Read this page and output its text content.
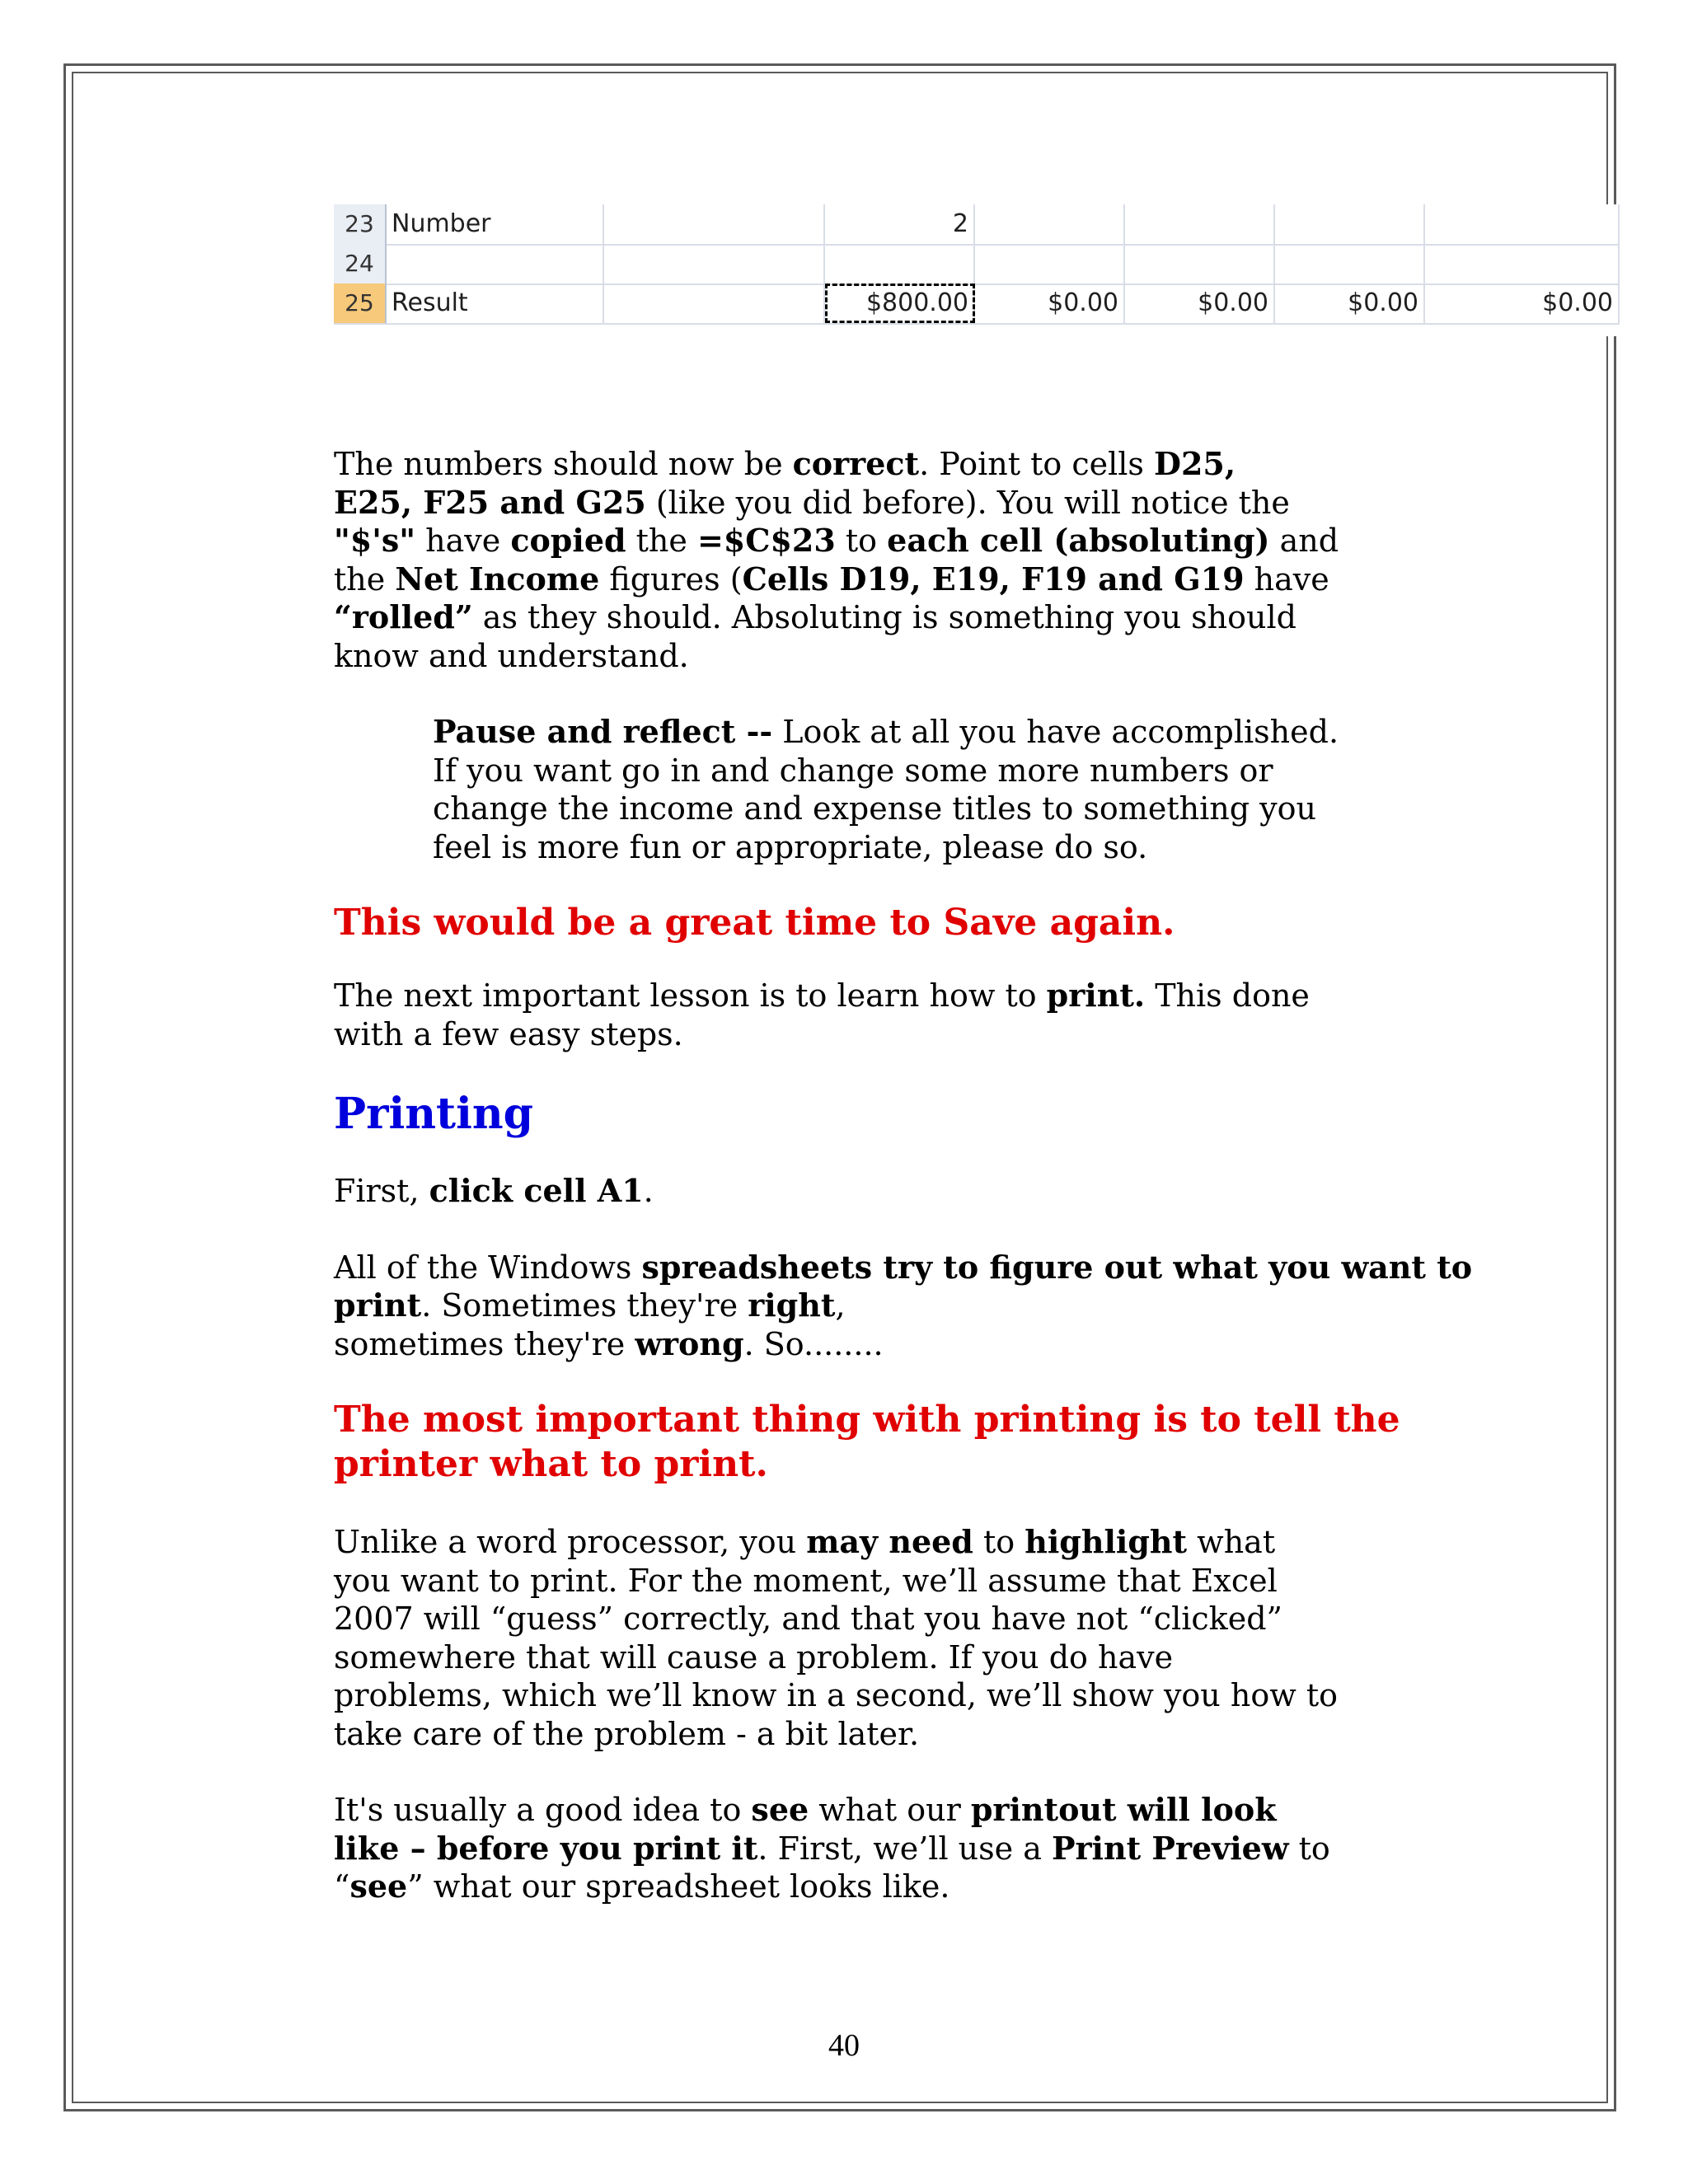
23 Number	2
24
25 Result	$800.00	$0.00	$0.00	$0.00	$0.00

The numbers should now be correct. Point to cells D25,
E25, F25 and G25 (like you did before). You will notice the
"$'s" have copied the =$C$23 to each cell (absoluting) and
the Net Income figures (Cells D19, E19, F19 and G19 have
“rolled” as they should. Absoluting is something you should
know and understand.

Pause and reflect -- Look at all you have accomplished.
If you want go in and change some more numbers or
change the income and expense titles to something you
feel is more fun or appropriate, please do so.

This would be a great time to Save again.

The next important lesson is to learn how to print. This done
with a few easy steps.

Printing

First, click cell A1.

All of the Windows spreadsheets try to figure out what you want to
print. Sometimes they're right,
sometimes they're wrong. So........

The most important thing with printing is to tell the
printer what to print.

Unlike a word processor, you may need to highlight what
you want to print. For the moment, we’ll assume that Excel
2007 will “guess” correctly, and that you have not “clicked”
somewhere that will cause a problem. If you do have
problems, which we’ll know in a second, we’ll show you how to
take care of the problem - a bit later.

It's usually a good idea to see what our printout will look
like – before you print it. First, we’ll use a Print Preview to
“see” what our spreadsheet looks like.

40
